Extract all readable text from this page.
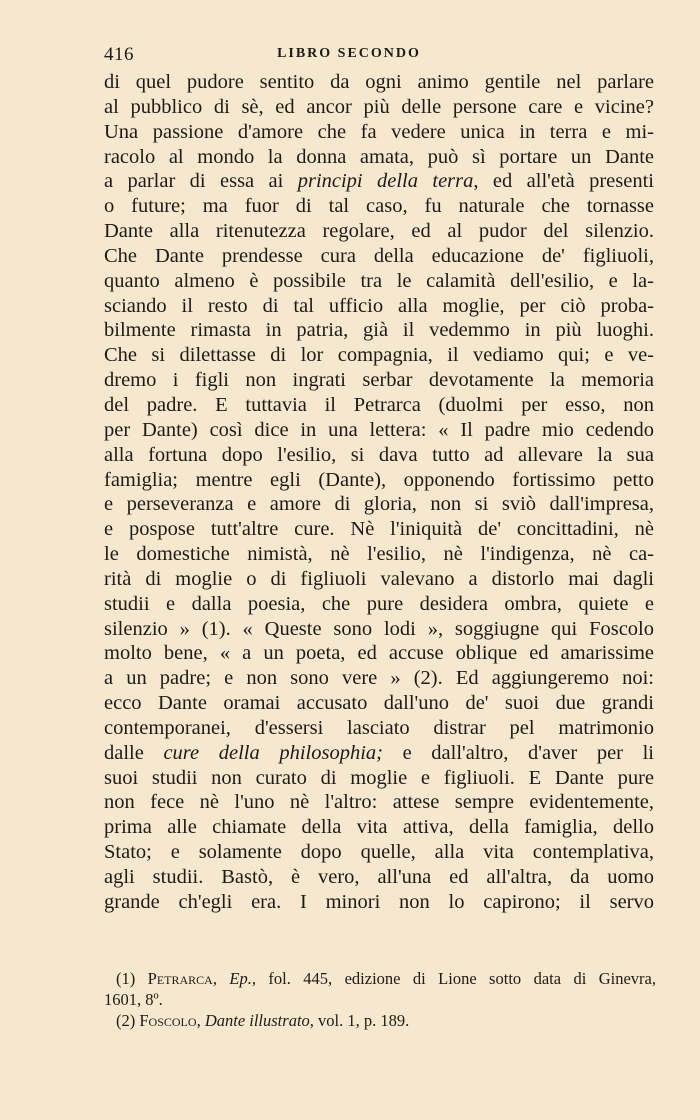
416	LIBRO SECONDO
di quel pudore sentito da ogni animo gentile nel parlare
al pubblico di sè, ed ancor più delle persone care e vicine?
Una passione d'amore che fa vedere unica in terra e mi-
racolo al mondo la donna amata, può sì portare un Dante
a parlar di essa ai principi della terra, ed all'età presenti
o future; ma fuor di tal caso, fu naturale che tornasse
Dante alla ritenutezza regolare, ed al pudor del silenzio.
Che Dante prendesse cura della educazione de' figliuoli,
quanto almeno è possibile tra le calamità dell'esilio, e la-
sciando il resto di tal ufficio alla moglie, per ciò proba-
bilmente rimasta in patria, già il vedemmo in più luoghi.
Che si dilettasse di lor compagnia, il vediamo qui; e ve-
dremo i figli non ingrati serbar devotamente la memoria
del padre. E tuttavia il Petrarca (duolmi per esso, non
per Dante) così dice in una lettera: « Il padre mio cedendo
alla fortuna dopo l'esilio, si dava tutto ad allevare la sua
famiglia; mentre egli (Dante), opponendo fortissimo petto
e perseveranza e amore di gloria, non si sviò dall'impresa,
e pospose tutt'altre cure. Nè l'iniquità de' concittadini, nè
le domestiche nimistà, nè l'esilio, nè l'indigenza, nè ca-
rità di moglie o di figliuoli valevano a distorlo mai dagli
studii e dalla poesia, che pure desidera ombra, quiete e
silenzio » (1). « Queste sono lodi », soggiugne qui Foscolo
molto bene, « a un poeta, ed accuse oblique ed amarissime
a un padre; e non sono vere » (2). Ed aggiungeremo noi:
ecco Dante oramai accusato dall'uno de' suoi due grandi
contemporanei, d'essersi lasciato distrar pel matrimonio
dalle cure della philosophia; e dall'altro, d'aver per li
suoi studii non curato di moglie e figliuoli. E Dante pure
non fece nè l'uno nè l'altro: attese sempre evidentemente,
prima alle chiamate della vita attiva, della famiglia, dello
Stato; e solamente dopo quelle, alla vita contemplativa,
agli studii. Bastò, è vero, all'una ed all'altra, da uomo
grande ch'egli era. I minori non lo capirono; il servo
(1) Petrarca, Ep., fol. 445, edizione di Lione sotto data di Ginevra,
1601, 8º.
(2) Foscolo, Dante illustrato, vol. 1, p. 189.
